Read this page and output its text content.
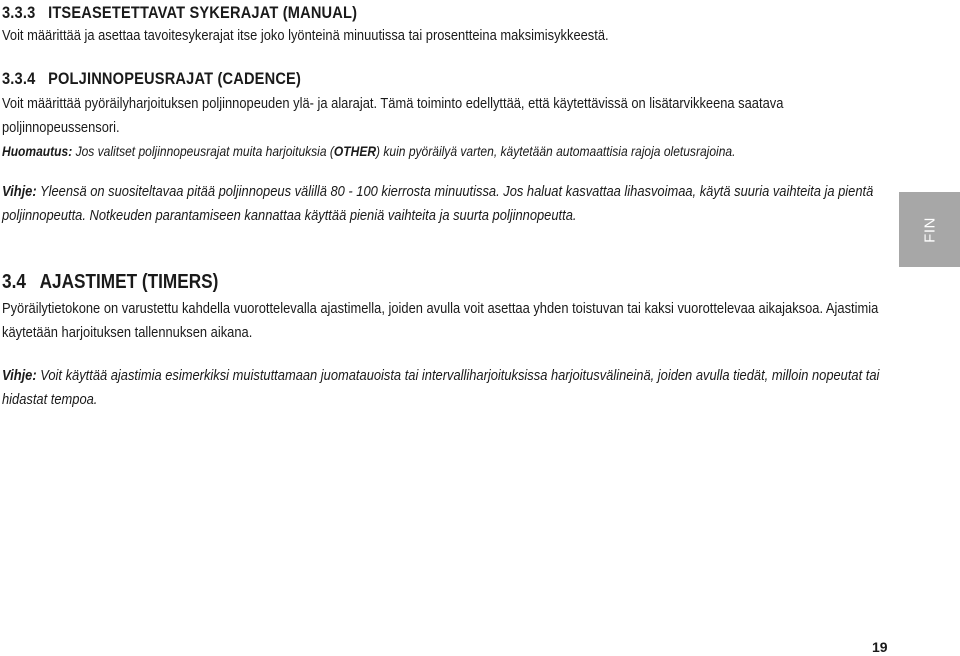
3.3.3 ITSEASETETTAVAT SYKERAJAT (MANUAL)
Voit määrittää ja asettaa tavoitesykerajat itse joko lyönteinä minuutissa tai prosentteina maksimisykkeestä.
3.3.4 POLJINNOPEUSRAJAT (CADENCE)
Voit määrittää pyöräilyharjoituksen poljinnopeuden ylä- ja alarajat. Tämä toiminto edellyttää, että käytettävissä on lisätarvikkeena saatava poljinnopeussensori.
Huomautus: Jos valitset poljinnopeusrajat muita harjoituksia (OTHER) kuin pyöräilyä varten, käytetään automaattisia rajoja oletusrajoina.
Vihje: Yleensä on suositeltavaa pitää poljinnopeus välillä 80 - 100 kierrosta minuutissa. Jos haluat kasvattaa lihasvoimaa, käytä suuria vaihteita ja pientä poljinnopeutta. Notkeuden parantamiseen kannattaa käyttää pieniä vaihteita ja suurta poljinnopeutta.
3.4 AJASTIMET (TIMERS)
Pyöräilytietokone on varustettu kahdella vuorottelevalla ajastimella, joiden avulla voit asettaa yhden toistuvan tai kaksi vuorottelevaa aikajaksoa. Ajastimia käytetään harjoituksen tallennuksen aikana.
Vihje: Voit käyttää ajastimia esimerkiksi muistuttamaan juomatauoista tai intervalliharjoituksissa harjoitusvälineinä, joiden avulla tiedät, milloin nopeutat tai hidastat tempoa.
FIN
19
